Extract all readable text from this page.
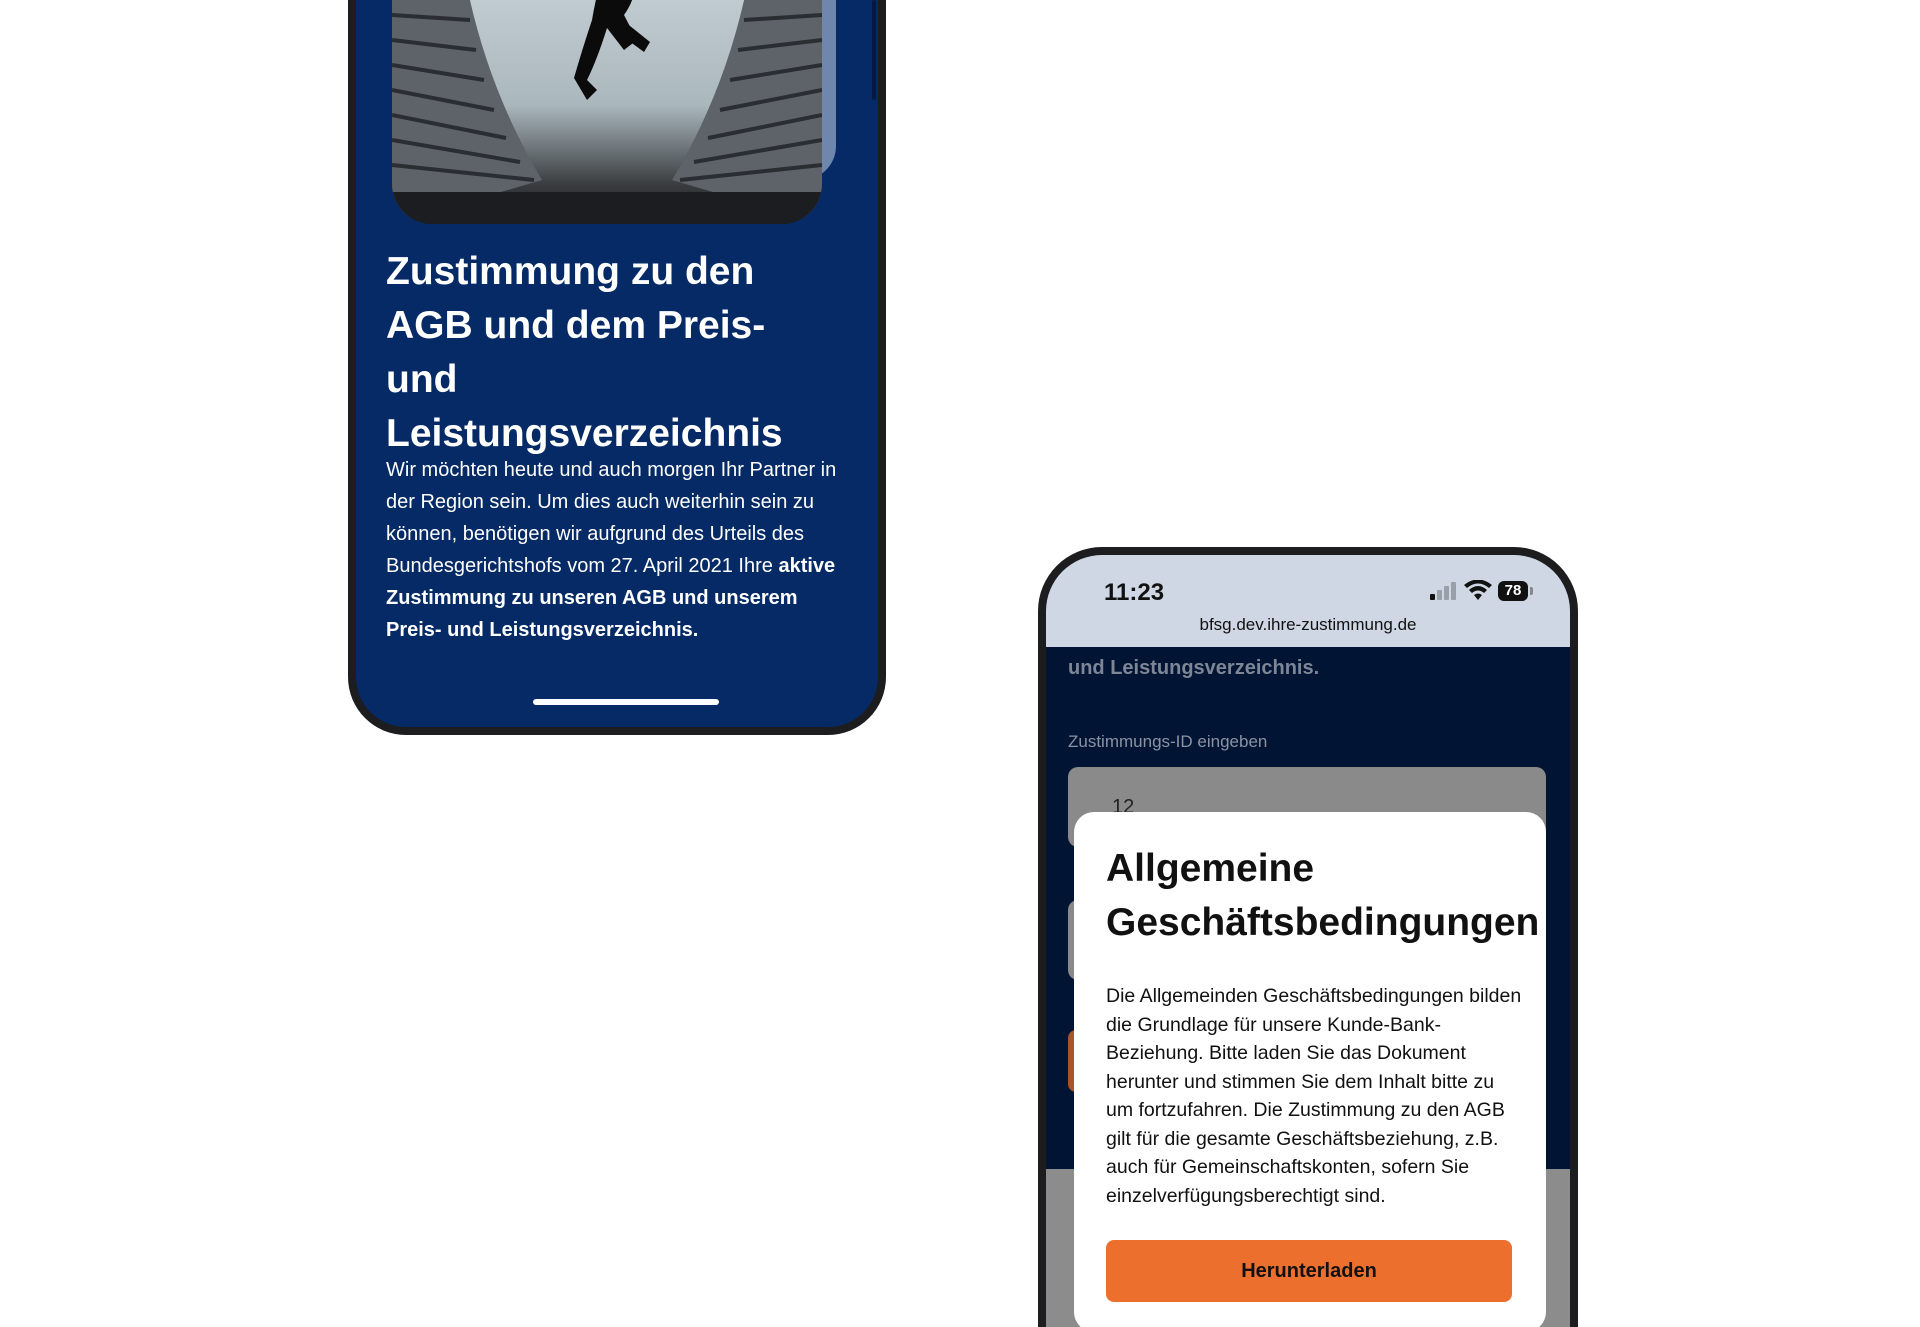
Zustimmung zu den AGB und dem Preis- und Leistungsverzeichnis
Wir möchten heute und auch morgen Ihr Partner in der Region sein. Um dies auch weiterhin sein zu können, benötigen wir aufgrund des Urteils des Bundesgerichtshofs vom 27. April 2021 Ihre aktive Zustimmung zu unseren AGB und unserem Preis- und Leistungsverzeichnis.
und Leistungsverzeichnis.
Zustimmungs-ID eingeben
12
11:23	78
bfsg.dev.ihre-zustimmung.de
Allgemeine Geschäftsbedingungen
Die Allgemeinden Geschäftsbedingungen bilden die Grundlage für unsere Kunde-Bank-Beziehung. Bitte laden Sie das Dokument herunter und stimmen Sie dem Inhalt bitte zu um fortzufahren. Die Zustimmung zu den AGB gilt für die gesamte Geschäftsbeziehung, z.B. auch für Gemeinschaftskonten, sofern Sie einzelverfügungsberechtigt sind.
Herunterladen
